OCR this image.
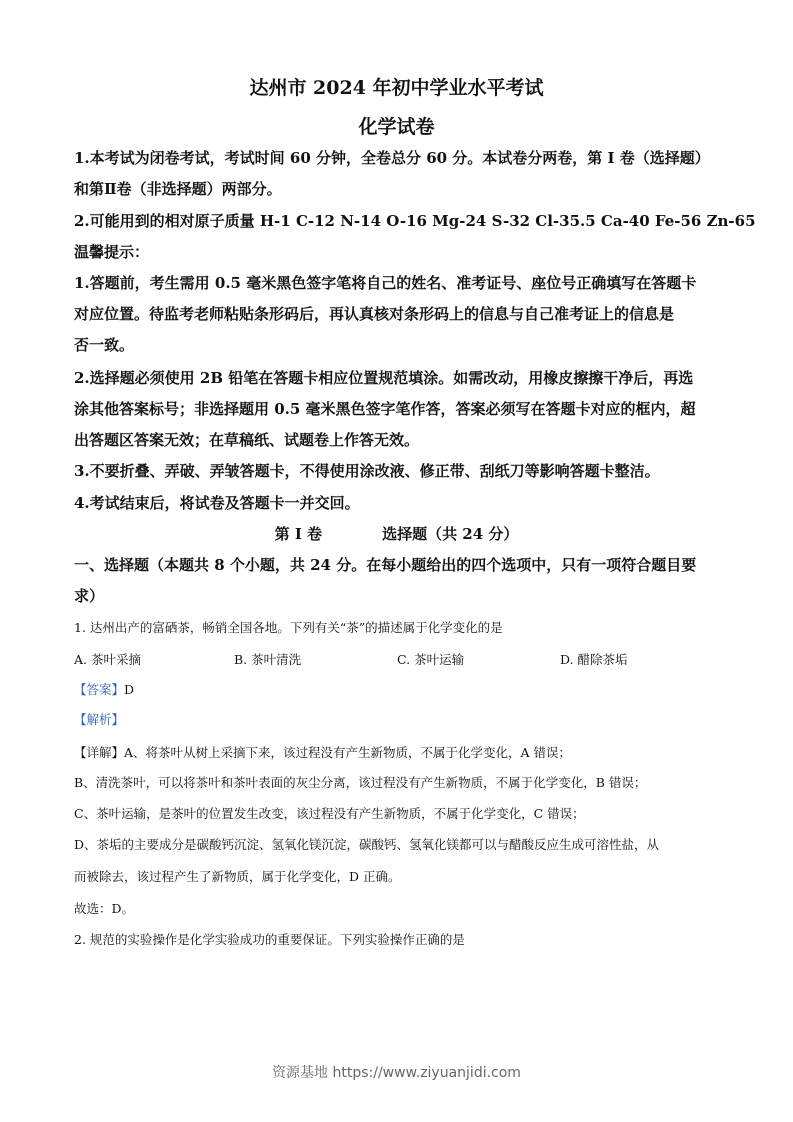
达州市 2024 年初中学业水平考试
化学试卷
1.本考试为闭卷考试，考试时间 60 分钟，全卷总分 60 分。本试卷分两卷，第 I 卷（选择题）
和第Ⅱ卷（非选择题）两部分。
2.可能用到的相对原子质量 H-1 C-12 N-14 O-16 Mg-24 S-32 Cl-35.5 Ca-40 Fe-56 Zn-65
温馨提示：
1.答题前，考生需用 0.5 毫米黑色签字笔将自己的姓名、准考证号、座位号正确填写在答题卡
对应位置。待监考老师粘贴条形码后，再认真核对条形码上的信息与自己准考证上的信息是
否一致。
2.选择题必须使用 2B 铅笔在答题卡相应位置规范填涂。如需改动，用橡皮擦擦干净后，再选
涂其他答案标号；非选择题用 0.5 毫米黑色签字笔作答，答案必须写在答题卡对应的框内，超
出答题区答案无效；在草稿纸、试题卷上作答无效。
3.不要折叠、弄破、弄皱答题卡，不得使用涂改液、修正带、刮纸刀等影响答题卡整洁。
4.考试结束后，将试卷及答题卡一并交回。
第 I 卷	选择题（共 24 分）
一、选择题（本题共 8 个小题，共 24 分。在每小题给出的四个选项中，只有一项符合题目要
求）
1. 达州出产的富硒茶，畅销全国各地。下列有关“茶”的描述属于化学变化的是
A. 茶叶采摘	B. 茶叶清洗	C. 茶叶运输	D. 醋除茶垢
【答案】D
【解析】
【详解】A、将茶叶从树上采摘下来，该过程没有产生新物质，不属于化学变化，A 错误；
B、清洗茶叶，可以将茶叶和茶叶表面的灰尘分离，该过程没有产生新物质，不属于化学变化，B 错误；
C、茶叶运输，是茶叶的位置发生改变，该过程没有产生新物质，不属于化学变化，C 错误；
D、茶垢的主要成分是碳酸钙沉淀、氢氧化镁沉淀，碳酸钙、氢氧化镁都可以与醋酸反应生成可溶性盐，从
而被除去，该过程产生了新物质，属于化学变化，D 正确。
故选：D。
2. 规范的实验操作是化学实验成功的重要保证。下列实验操作正确的是
资源基地 https://www.ziyuanjidi.com
